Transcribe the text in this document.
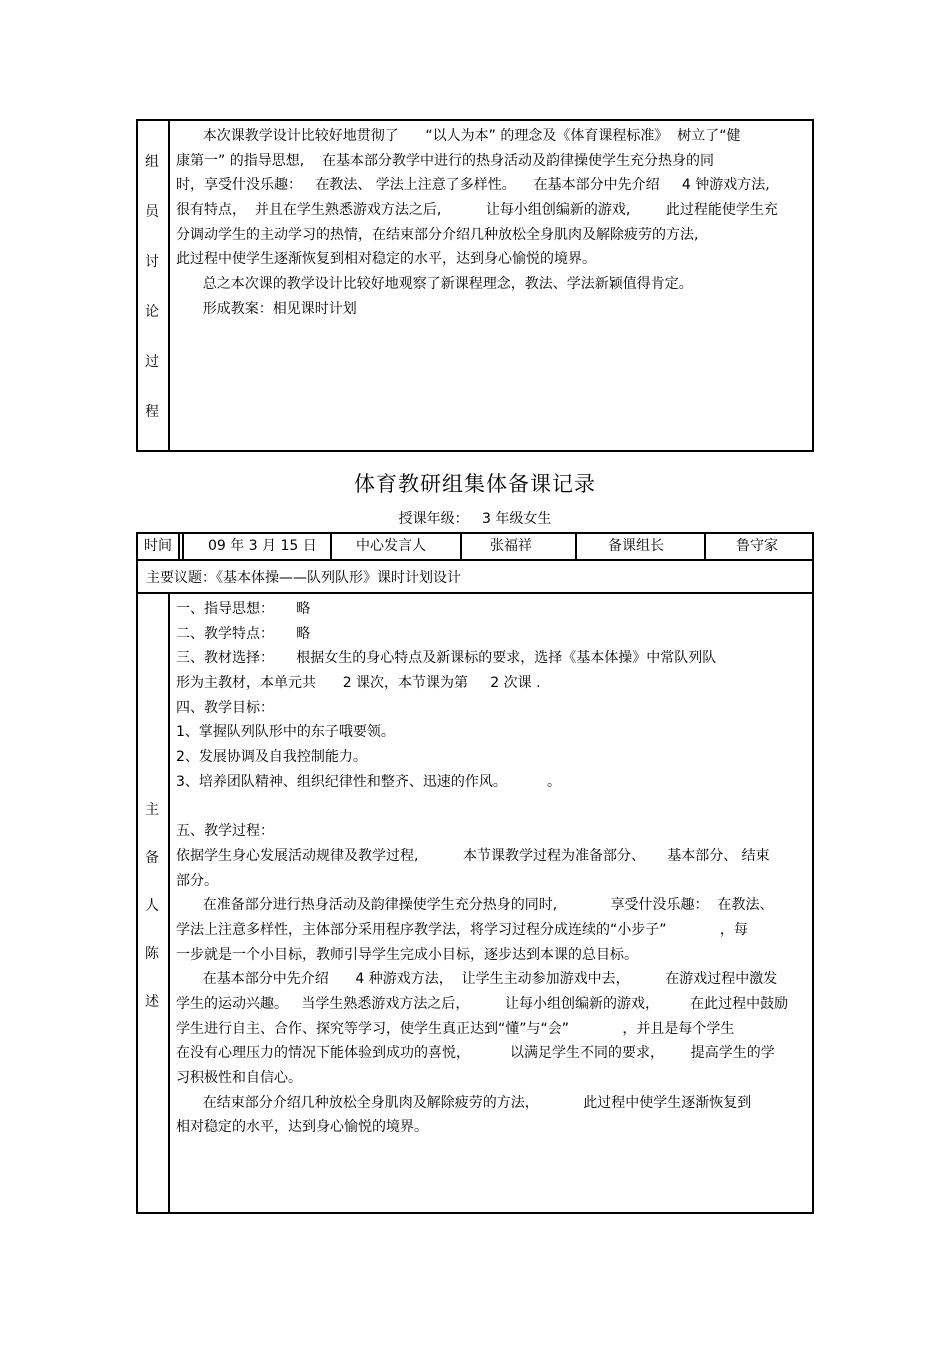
组
员
讨
论
过
程
本次课教学设计比较好地贯彻了      “以人为本” 的理念及《体育课程标准》  树立了“健
康第一” 的指导思想,    在基本部分教学中进行的热身活动及韵律操使学生充分热身的同
时，享受什没乐趣：   在教法、 学法上注意了多样性。    在基本部分中先介绍     4 钟游戏方法,
很有特点，  并且在学生熟悉游戏方法之后,          让每小组创编新的游戏,        此过程能使学生充
分调动学生的主动学习的热情，在结束部分介绍几种放松全身肌肉及解除疲劳的方法,
此过程中使学生逐渐恢复到相对稳定的水平，达到身心愉悦的境界。
总之本次课的教学设计比较好地观察了新课程理念，教法、学法新颖值得肯定。
形成教案：相见课时计划
体育教研组集体备课记录
授课年级： 3 年级女生
时间	09 年 3 月 15 日	中心发言人	张福祥	备课组长	鲁守家
主要议题：《基本体操——队列队形》课时计划设计
主
备
人
陈
述
一、指导思想：     略
二、教学特点：     略
三、教材选择：     根据女生的身心特点及新课标的要求，选择《基本体操》中常队列队
形为主教材，本单元共      2 课次，本节课为第     2 次课 .
四、教学目标：
1、掌握队列队形中的东子哦要领。
2、发展协调及自我控制能力。
3、培养团队精神、组织纪律性和整齐、迅速的作风。         。
五、教学过程：
依据学生身心发展活动规律及教学过程,          本节课教学过程为准备部分、     基本部分、 结束
部分。
在准备部分进行热身活动及韵律操使学生充分热身的同时,            享受什没乐趣：  在教法、
学法上注意多样性，主体部分采用程序教学法，将学习过程分成连续的“小步子”            ，每
一步就是一个小目标，教师引导学生完成小目标，逐步达到本课的总目标。
在基本部分中先介绍      4 种游戏方法，  让学生主动参加游戏中去，        在游戏过程中激发
学生的运动兴趣。   当学生熟悉游戏方法之后，        让每小组创编新的游戏，       在此过程中鼓励
学生进行自主、合作、探究等学习，使学生真正达到“懂”与“会”            ，并且是每个学生
在没有心理压力的情况下能体验到成功的喜悦，         以满足学生不同的要求，      提高学生的学
习积极性和自信心。
在结束部分介绍几种放松全身肌肉及解除疲劳的方法，          此过程中使学生逐渐恢复到
相对稳定的水平，达到身心愉悦的境界。
